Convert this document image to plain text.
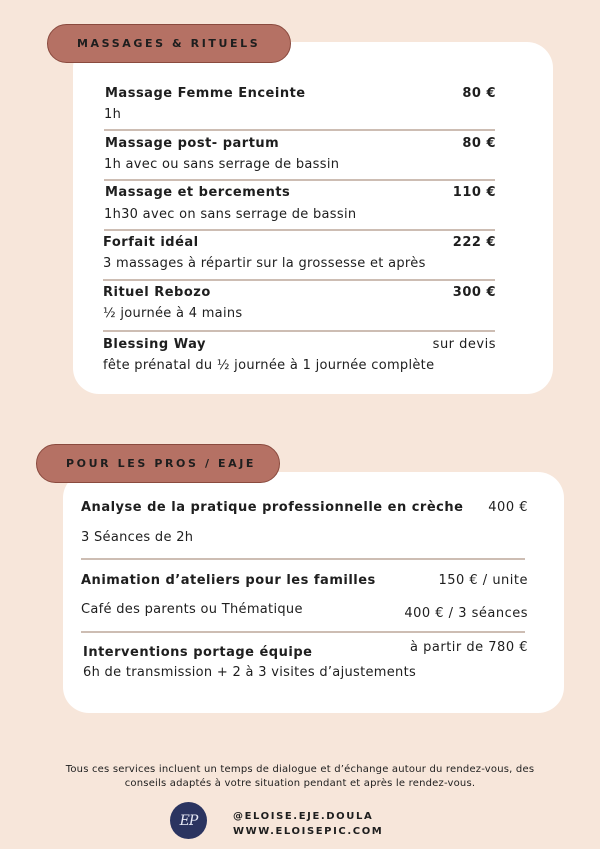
MASSAGES & RITUELS
Massage Femme Enceinte	80 €
1h
Massage post- partum	80 €
1h avec ou sans serrage de bassin
Massage et bercements	110 €
1h30 avec on sans serrage de bassin
Forfait idéal	222 €
3 massages à répartir sur la grossesse et après
Rituel Rebozo	300 €
½ journée à 4 mains
Blessing Way	sur devis
fête prénatal du ½ journée à 1 journée complète
POUR LES PROS / EAJE
Analyse de la pratique professionnelle en crèche 400 €
3 Séances de 2h
Animation d’ateliers pour les familles	150 € / unite
Café des parents ou Thématique	400 € / 3 séances
Interventions portage équipe	à partir de 780 €
6h de transmission + 2 à 3 visites d’ajustements
Tous ces services incluent un temps de dialogue et d’échange autour du rendez-vous, des
conseils adaptés à votre situation pendant et après le rendez-vous.
EP	@ELOISE.EJE.DOULA
WWW.ELOISEPIC.COM
